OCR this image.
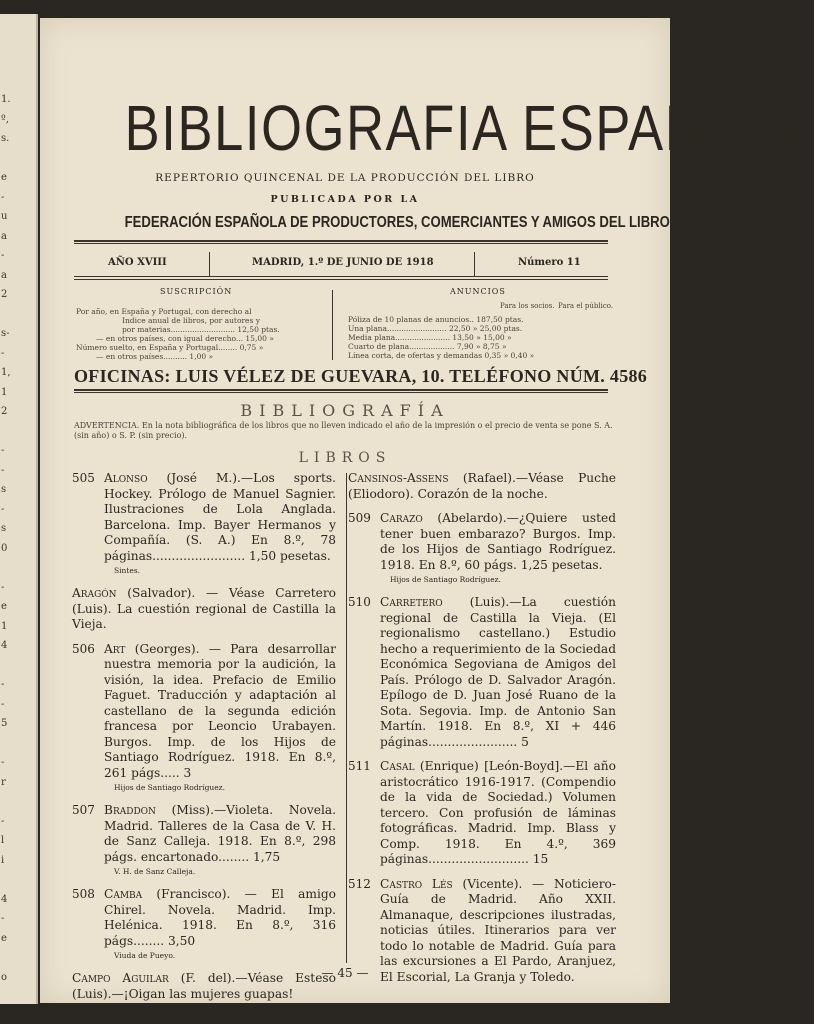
1.
º,
s.
e
-
u
a
-
a
2
s-
-
1,
1
2
-
-
s
-
s
0
-
e
1
4
-
-
5
-
r
-
l
i
4
-
e
o
BIBLIOGRAFIA ESPAÑOLA
REPERTORIO QUINCENAL DE LA PRODUCCIÓN DEL LIBRO
PUBLICADA POR LA
FEDERACIÓN ESPAÑOLA DE PRODUCTORES, COMERCIANTES Y AMIGOS DEL LIBRO
AÑO XVIII	MADRID, 1.º DE JUNIO DE 1918	Número 11
SUSCRIPCIÓN
Por año, en España y Portugal, con derecho al
Indice anual de libros, por autores y
por materias........................... 12,50 ptas.
— en otros países, con igual derecho... 15,00 »
Número suelto, en España y Portugal........ 0,75 »
— en otros países.......... 1,00 »
ANUNCIOS
Para los socios. Para el público.
Póliza de 10 planas de anuncios.. 187,50 ptas.
Una plana......................... 22,50 » 25,00 ptas.
Media plana....................... 13,50 » 15,00 »
Cuarto de plana................... 7,90 » 8,75 »
Línea corta, de ofertas y demandas 0,35 » 0,40 »
OFICINAS: LUIS VÉLEZ DE GUEVARA, 10. TELÉFONO NÚM. 4586
BIBLIOGRAFÍA
ADVERTENCIA. En la nota bibliográfica de los libros que no lleven indicado el año de la impresión o el precio de venta se pone S. A. (sin año) o S. P. (sin precio).
LIBROS
505 Alonso (José M.).—Los sports. Hockey. Prólogo de Manuel Sagnier. Ilustraciones de Lola Anglada. Barcelona. Imp. Bayer Hermanos y Compañía. (S. A.) En 8.º, 78 páginas........................ 1,50 pesetas.
Sintes.
Aragón (Salvador). — Véase Carretero (Luis). La cuestión regional de Castilla la Vieja.
506 Art (Georges). — Para desarrollar nuestra memoria por la audición, la visión, la idea. Prefacio de Emilio Faguet. Traducción y adaptación al castellano de la segunda edición francesa por Leoncio Urabayen. Burgos. Imp. de los Hijos de Santiago Rodríguez. 1918. En 8.º, 261 págs..... 3
Hijos de Santiago Rodríguez.
507 Braddon (Miss).—Violeta. Novela. Madrid. Talleres de la Casa de V. H. de Sanz Calleja. 1918. En 8.º, 298 págs. encartonado........ 1,75
V. H. de Sanz Calleja.
508 Camba (Francisco). — El amigo Chirel. Novela. Madrid. Imp. Helénica. 1918. En 8.º, 316 págs........ 3,50
Viuda de Pueyo.
Campo Aguilar (F. del).—Véase Esteso (Luis).—¡Oigan las mujeres guapas!
Cansinos-Assens (Rafael).—Véase Puche (Eliodoro). Corazón de la noche.
509 Carazo (Abelardo).—¿Quiere usted tener buen embarazo? Burgos. Imp. de los Hijos de Santiago Rodríguez. 1918. En 8.º, 60 págs. 1,25 pesetas.
Hijos de Santiago Rodríguez.
510 Carretero (Luis).—La cuestión regional de Castilla la Vieja. (El regionalismo castellano.) Estudio hecho a requerimiento de la Sociedad Económica Segoviana de Amigos del País. Prólogo de D. Salvador Aragón. Epílogo de D. Juan José Ruano de la Sota. Segovia. Imp. de Antonio San Martín. 1918. En 8.º, XI + 446 páginas....................... 5
511 Casal (Enrique) [León-Boyd].—El año aristocrático 1916-1917. (Compendio de la vida de Sociedad.) Volumen tercero. Con profusión de láminas fotográficas. Madrid. Imp. Blass y Comp. 1918. En 4.º, 369 páginas.......................... 15
512 Castro Lés (Vicente). — Noticiero-Guía de Madrid. Año XXII. Almanaque, descripciones ilustradas, noticias útiles. Itinerarios para ver todo lo notable de Madrid. Guía para las excursiones a El Pardo, Aranjuez, El Escorial, La Granja y Toledo.
— 45 —
